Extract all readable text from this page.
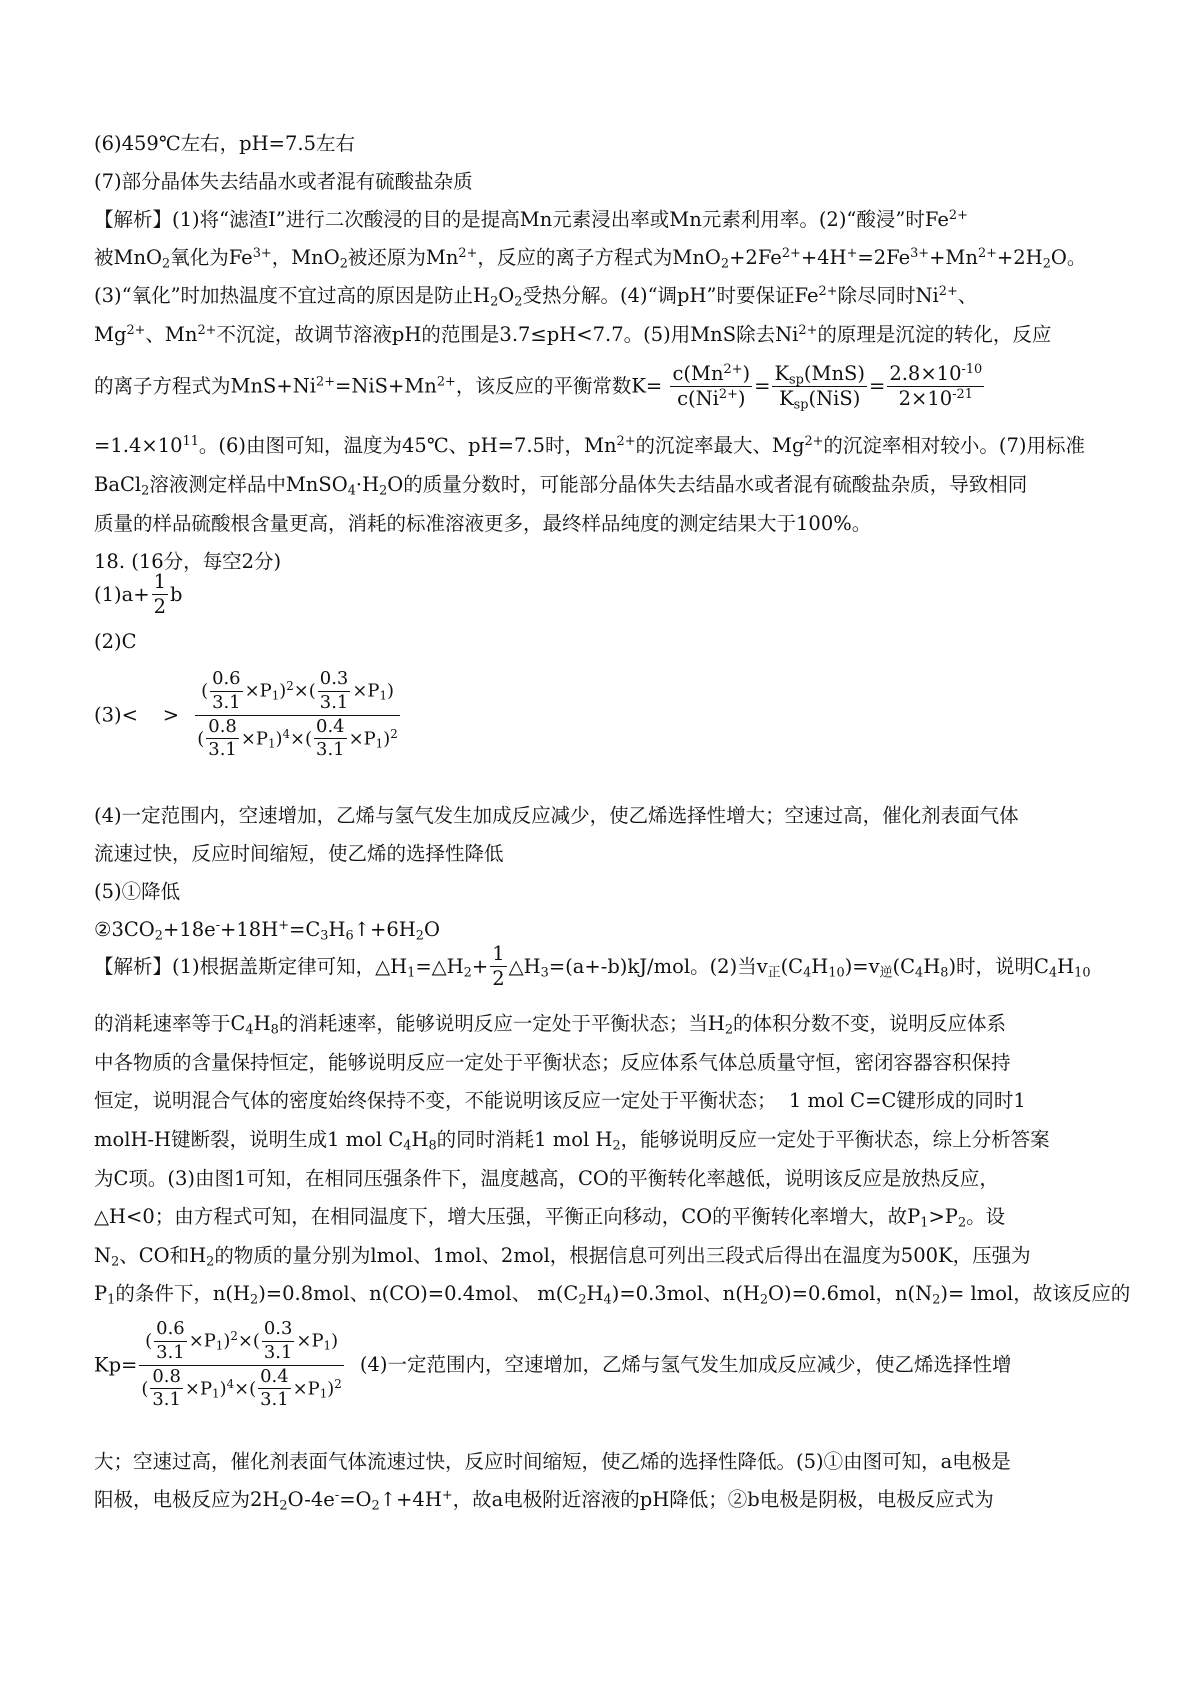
(6)459℃左右，pH=7.5左右
(7)部分晶体失去结晶水或者混有硫酸盐杂质
【解析】(1)将“滤渣I”进行二次酸浸的目的是提高Mn元素浸出率或Mn元素利用率。(2)“酸浸”时$Fe^{2+}$
被MnO$_2$氧化为$Fe^{3+}$，MnO$_2$被还原为$Mn^{2+}$，反应的离子方程式为$MnO_2+2Fe^{2+}+4H^+=2Fe^{3+}+Mn^{2+}+2H_2O$。
(3)“氧化”时加热温度不宜过高的原因是防止$H_2O_2$受热分解。(4)“调pH”时要保证$Fe^{2+}$除尽同时$Ni^{2+}$、
$Mg^{2+}$、$Mn^{2+}$不沉淀，故调节溶液pH的范围是3.7≤pH<7.7。(5)用MnS除去$Ni^{2+}$的原理是沉淀的转化，反应
的离子方程式为$MnS+Ni^{2+}=NiS+Mn^{2+}$，该反应的平衡常数$K= \frac{c(Mn^{2+})}{c(Ni^{2+})} = \frac{K_{sp}(MnS)}{K_{sp}(NiS)} = \frac{2.8\times 10^{-10}}{2\times 10^{-21}}$
$=1.4\times 10^{11}$。(6)由图可知，温度为45℃、pH=7.5时，$Mn^{2+}$的沉淀率最大、$Mg^{2+}$的沉淀率相对较小。(7)用标准
BaCl$_2$溶液测定样品中$MnSO_4\cdot H_2O$的质量分数时，可能部分晶体失去结晶水或者混有硫酸盐杂质，导致相同
质量的样品硫酸根含量更高，消耗的标准溶液更多，最终样品纯度的测定结果大于100%。
18. (16分，每空2分)
$(1)a+ \frac{1}{2}$ b
(2)C
(3)<    > $\frac{( \frac{0.6}{3.1} \times P_1)^2\times( \frac{0.3}{3.1} \times P_1)}{( \frac{0.8}{3.1} \times P_1)^4\times( \frac{0.4}{3.1} \times P_1)^2}$
(4)一定范围内，空速增加，乙烯与氢气发生加成反应减少，使乙烯选择性增大；空速过高，催化剂表面气体
流速过快，反应时间缩短，使乙烯的选择性降低
(5)①降低
$②3CO_2+18e^-+18H^+=C_3H_6↑+6H_2O$
【解析】(1)根据盖斯定律可知，$\triangle H_1=\triangle H_2+ \frac{1}{2}$ $\triangle H_3=(a+-b)kJ$/mol。(2)当$v_正(C_4H_{10})=v_逆(C_4H_8)$时，说明$C_4H_{10}$
的消耗速率等于$C_4H_8$的消耗速率，能够说明反应一定处于平衡状态；当$H_2$的体积分数不变，说明反应体系
中各物质的含量保持恒定，能够说明反应一定处于平衡状态；反应体系气体总质量守恒，密闭容器容积保持
恒定，说明混合气体的密度始终保持不变，不能说明该反应一定处于平衡状态；  1 mol C=C键形成的同时1
molH-H键断裂，说明生成1 mol $C_4H_8$的同时消耗1 mol $H_2$，能够说明反应一定处于平衡状态，综上分析答案
为C项。(3)由图1可知，在相同压强条件下，温度越高，CO的平衡转化率越低，说明该反应是放热反应，
△H<0；由方程式可知，在相同温度下，增大压强，平衡正向移动，CO的平衡转化率增大，故$P_1>P_2$。设
$N_2$、CO和$H_2$的物质的量分别为lmol、1mol、2mol，根据信息可列出三段式后得出在温度为500K，压强为
$P_1$的条件下，$n(H_2)=0.8mol$、n(CO)=0.4mol、 $m(C_2H_4)=0.3mol$、$n(H_2O)=0.6mol$，$n(N_2)=$ lmol，故该反应的
$Kp= \frac{( \frac{0.6}{3.1} \times P_1)^2\times( \frac{0.3}{3.1} \times P_1)}{( \frac{0.8}{3.1} \times P_1)^4\times( \frac{0.4}{3.1} \times P_1)^2} (4)$一定范围内，空速增加，乙烯与氢气发生加成反应减少，使乙烯选择性增
大；空速过高，催化剂表面气体流速过快，反应时间缩短，使乙烯的选择性降低。(5)①由图可知，a电极是
阳极，电极反应为$2H_2O-4e^-=O_2↑+4H^+$，故a电极附近溶液的pH降低；②b电极是阴极，电极反应式为
